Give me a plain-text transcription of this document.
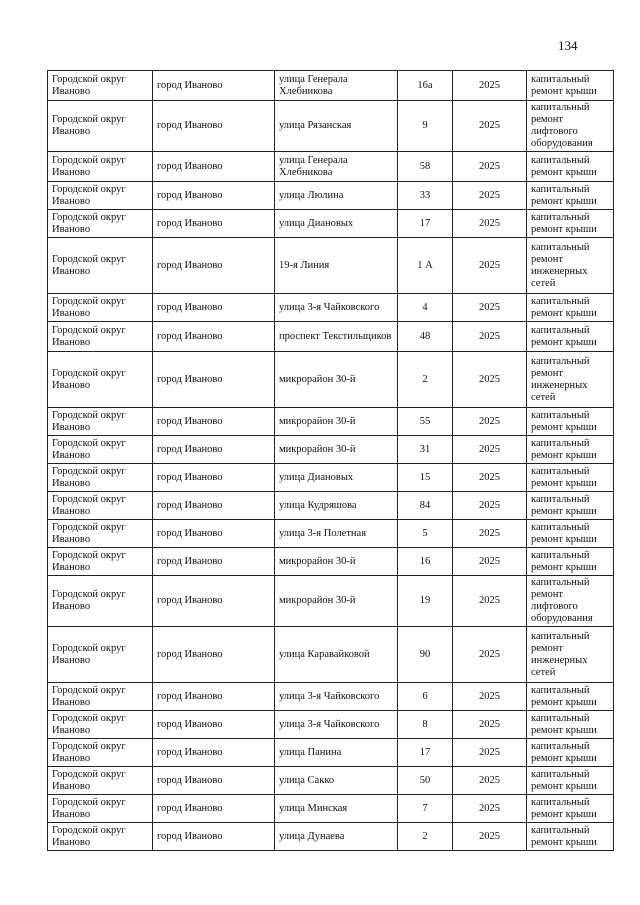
134
Городской округ Иваново	город Иваново	улица Генерала Хлебникова	16а	2025	капитальный ремонт крыши
Городской округ Иваново	город Иваново	улица Рязанская	9	2025	капитальный ремонт лифтового оборудования
Городской округ Иваново	город Иваново	улица Генерала Хлебникова	58	2025	капитальный ремонт крыши
Городской округ Иваново	город Иваново	улица Люлина	33	2025	капитальный ремонт крыши
Городской округ Иваново	город Иваново	улица Диановых	17	2025	капитальный ремонт крыши
Городской округ Иваново	город Иваново	19-я Линия	1 А	2025	капитальный ремонт инженерных сетей
Городской округ Иваново	город Иваново	улица 3-я Чайковского	4	2025	капитальный ремонт крыши
Городской округ Иваново	город Иваново	проспект Текстильщиков	48	2025	капитальный ремонт крыши
Городской округ Иваново	город Иваново	микрорайон 30-й	2	2025	капитальный ремонт инженерных сетей
Городской округ Иваново	город Иваново	микрорайон 30-й	55	2025	капитальный ремонт крыши
Городской округ Иваново	город Иваново	микрорайон 30-й	31	2025	капитальный ремонт крыши
Городской округ Иваново	город Иваново	улица Диановых	15	2025	капитальный ремонт крыши
Городской округ Иваново	город Иваново	улица Кудряшова	84	2025	капитальный ремонт крыши
Городской округ Иваново	город Иваново	улица 3-я Полетная	5	2025	капитальный ремонт крыши
Городской округ Иваново	город Иваново	микрорайон 30-й	16	2025	капитальный ремонт крыши
Городской округ Иваново	город Иваново	микрорайон 30-й	19	2025	капитальный ремонт лифтового оборудования
Городской округ Иваново	город Иваново	улица Каравайковой	90	2025	капитальный ремонт инженерных сетей
Городской округ Иваново	город Иваново	улица 3-я Чайковского	6	2025	капитальный ремонт крыши
Городской округ Иваново	город Иваново	улица 3-я Чайковского	8	2025	капитальный ремонт крыши
Городской округ Иваново	город Иваново	улица Панина	17	2025	капитальный ремонт крыши
Городской округ Иваново	город Иваново	улица Сакко	50	2025	капитальный ремонт крыши
Городской округ Иваново	город Иваново	улица Минская	7	2025	капитальный ремонт крыши
Городской округ Иваново	город Иваново	улица Дунаева	2	2025	капитальный ремонт крыши
